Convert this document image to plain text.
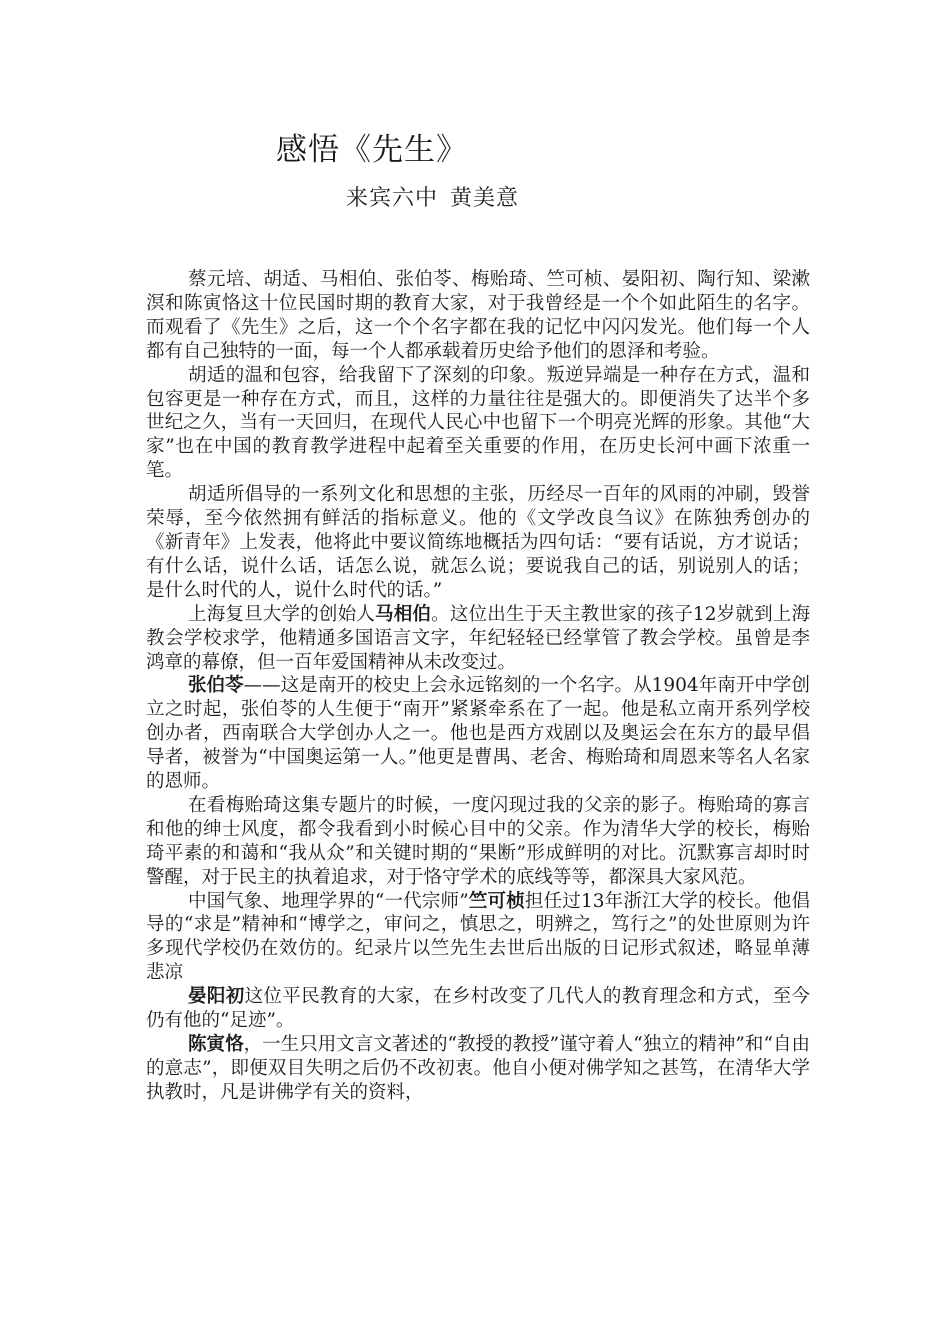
感悟《先生》
来宾六中 黄美意

蔡元培、胡适、马相伯、张伯苓、梅贻琦、竺可桢、晏阳初、陶行知、梁漱溟和陈寅恪这十位民国时期的教育大家，对于我曾经是一个个如此陌生的名字。而观看了《先生》之后，这一个个名字都在我的记忆中闪闪发光。他们每一个人都有自己独特的一面，每一个人都承载着历史给予他们的恩泽和考验。

胡适的温和包容，给我留下了深刻的印象。叛逆异端是一种存在方式，温和包容更是一种存在方式，而且，这样的力量往往是强大的。即便消失了达半个多世纪之久，当有一天回归，在现代人民心中也留下一个明亮光辉的形象。其他“大家”也在中国的教育教学进程中起着至关重要的作用，在历史长河中画下浓重一笔。

胡适所倡导的一系列文化和思想的主张，历经尽一百年的风雨的冲刷，毁誉荣辱，至今依然拥有鲜活的指标意义。他的《文学改良刍议》在陈独秀创办的《新青年》上发表，他将此中要议简练地概括为四句话：“要有话说，方才说话；有什么话，说什么话，话怎么说，就怎么说；要说我自己的话，别说别人的话；是什么时代的人，说什么时代的话。”

上海复旦大学的创始人马相伯。这位出生于天主教世家的孩子12岁就到上海教会学校求学，他精通多国语言文字，年纪轻轻已经掌管了教会学校。虽曾是李鸿章的幕僚，但一百年爱国精神从未改变过。

张伯苓——这是南开的校史上会永远铭刻的一个名字。从1904年南开中学创立之时起，张伯苓的人生便于“南开”紧紧牵系在了一起。他是私立南开系列学校创办者，西南联合大学创办人之一。他也是西方戏剧以及奥运会在东方的最早倡导者，被誉为“中国奥运第一人。”他更是曹禺、老舍、梅贻琦和周恩来等名人名家的恩师。

在看梅贻琦这集专题片的时候，一度闪现过我的父亲的影子。梅贻琦的寡言和他的绅士风度，都令我看到小时候心目中的父亲。作为清华大学的校长，梅贻琦平素的和蔼和“我从众”和关键时期的“果断”形成鲜明的对比。沉默寡言却时时警醒，对于民主的执着追求，对于恪守学术的底线等等，都深具大家风范。

中国气象、地理学界的“一代宗师”竺可桢担任过13年浙江大学的校长。他倡导的“求是”精神和“博学之，审问之，慎思之，明辨之，笃行之”的处世原则为许多现代学校仍在效仿的。纪录片以竺先生去世后出版的日记形式叙述，略显单薄悲凉

晏阳初这位平民教育的大家，在乡村改变了几代人的教育理念和方式，至今仍有他的“足迹”。

陈寅恪，一生只用文言文著述的“教授的教授”谨守着人“独立的精神”和“自由的意志”，即便双目失明之后仍不改初衷。他自小便对佛学知之甚笃，在清华大学执教时，凡是讲佛学有关的资料，
